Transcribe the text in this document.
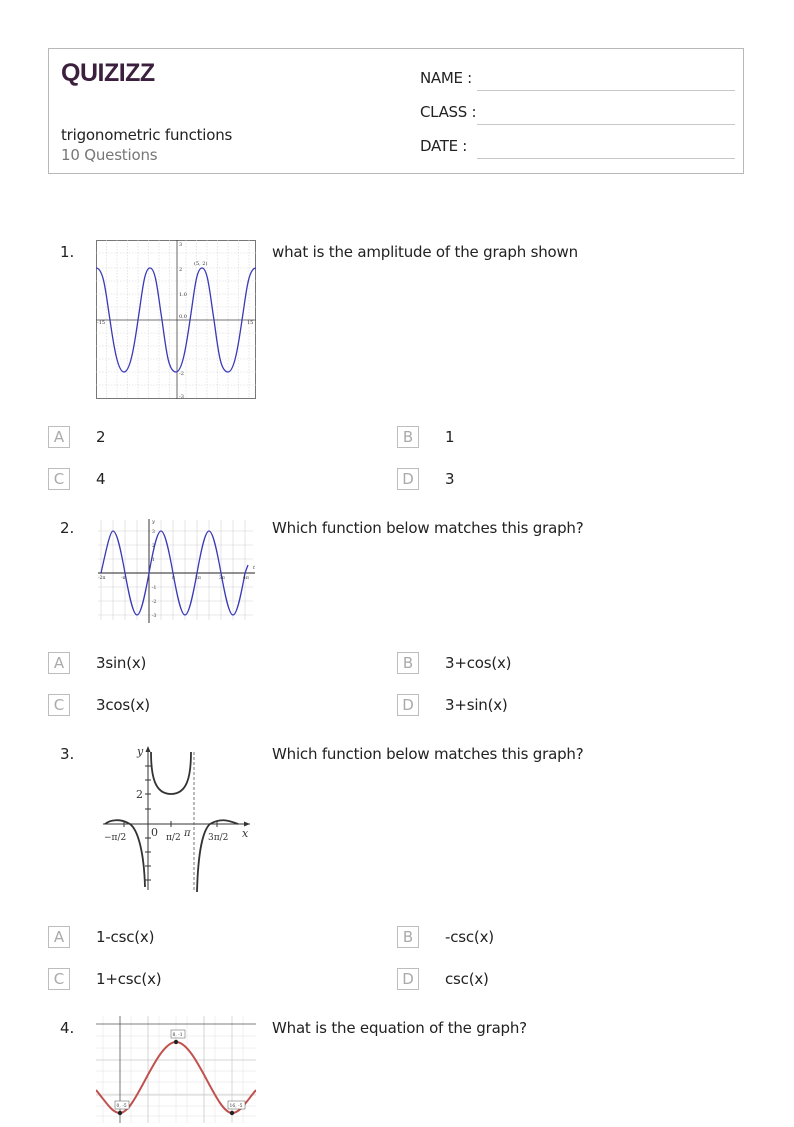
QUIZIZZ
trigonometric functions
10 Questions
NAME :
CLASS :
DATE :
1.	what is the amplitude of the graph shown
-15	15
3
2
1.0
0.0
-2
-3
(5, 2)
A	2	B	1
C	4	D	3
2.	Which function below matches this graph?
y
t
-2π	-π	π	2π	3π	4π
3
2
1
-1
-2
-3
A	3sin(x)	B	3+cos(x)
C	3cos(x)	D	3+sin(x)
3.	Which function below matches this graph?
y
x
2
0
−π/2	π/2 π 3π/2
A	1-csc(x)	B	-csc(x)
C	1+csc(x)	D	csc(x)
4.	What is the equation of the graph?
0, -5
8, -1
16, -5
